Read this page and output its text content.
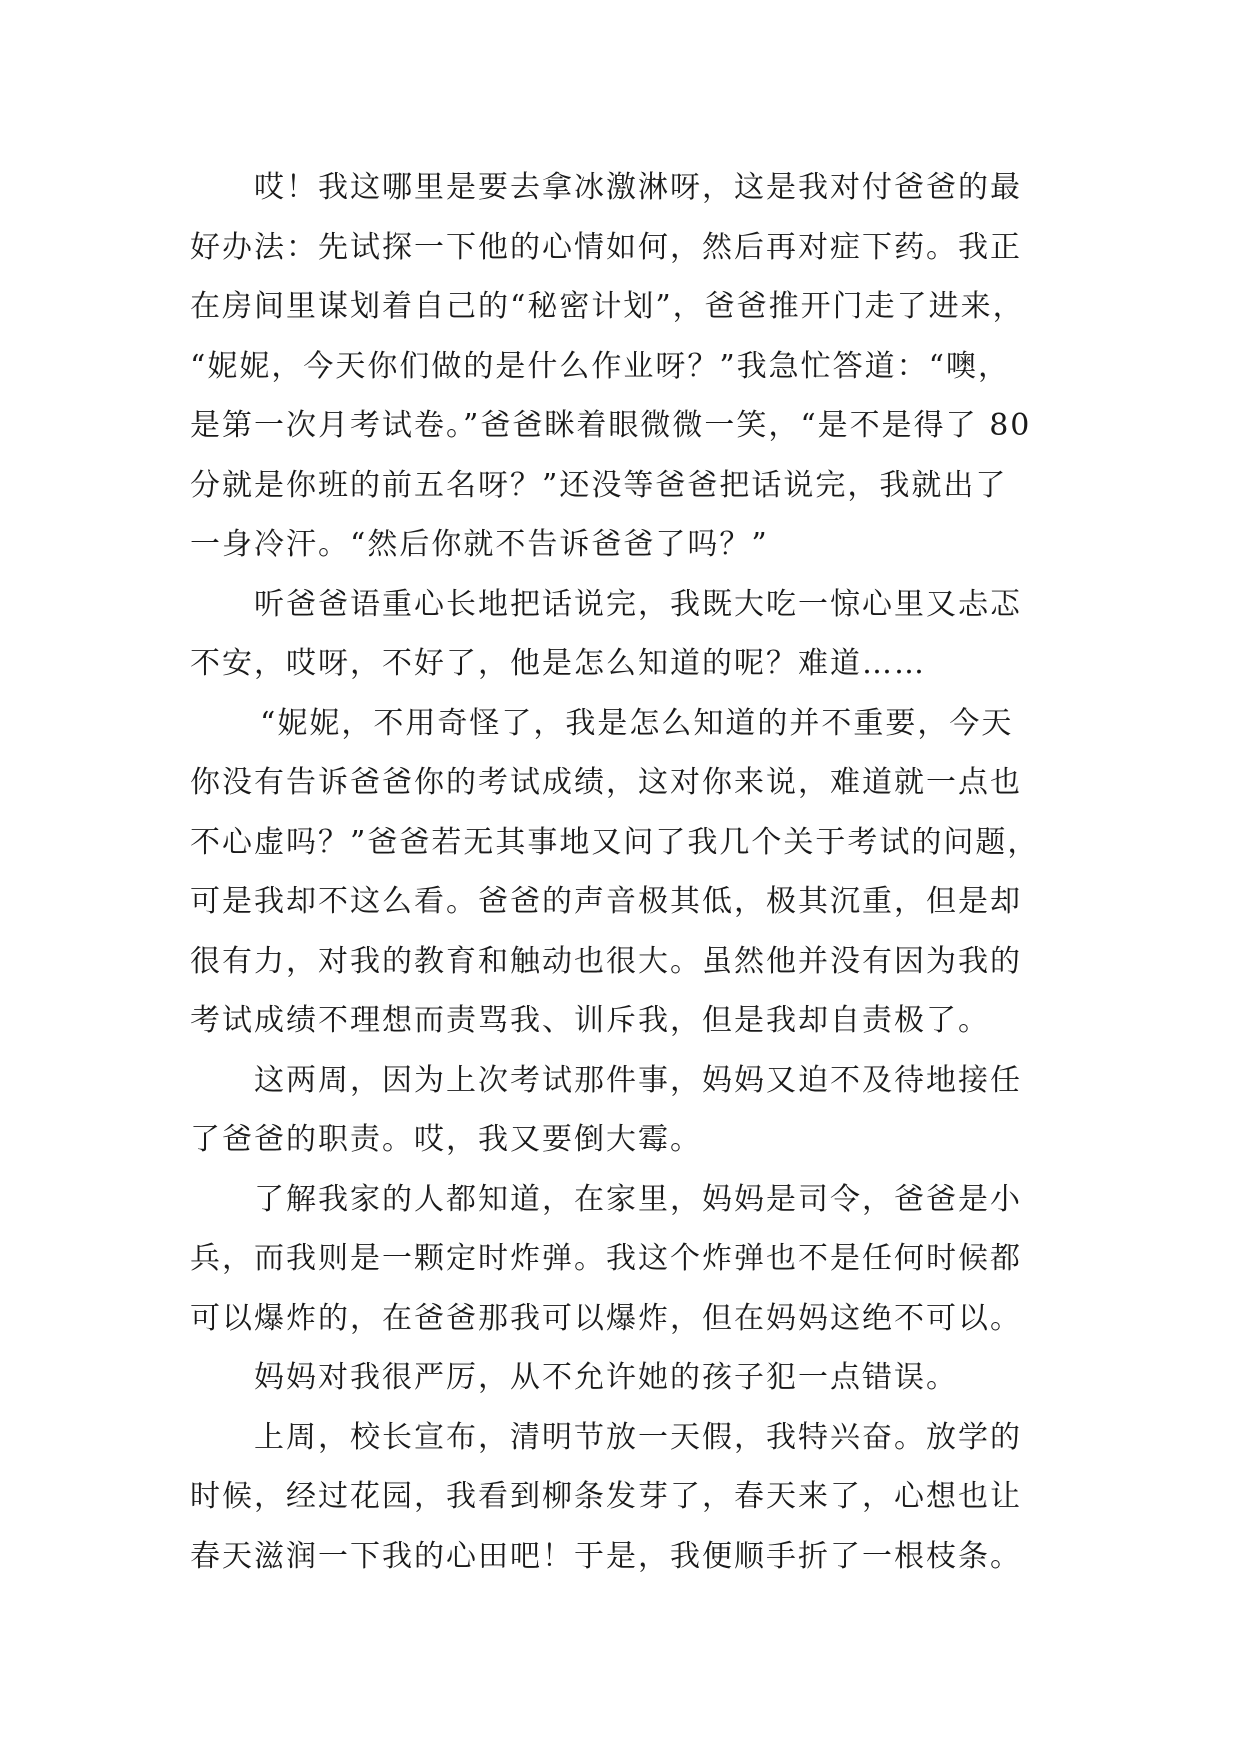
哎！我这哪里是要去拿冰激淋呀，这是我对付爸爸的最
好办法：先试探一下他的心情如何，然后再对症下药。我正
在房间里谋划着自己的“秘密计划”，爸爸推开门走了进来，
“妮妮，今天你们做的是什么作业呀？”我急忙答道：“噢，
是第一次月考试卷。”爸爸眯着眼微微一笑，“是不是得了 80
分就是你班的前五名呀？”还没等爸爸把话说完，我就出了
一身冷汗。“然后你就不告诉爸爸了吗？”
听爸爸语重心长地把话说完，我既大吃一惊心里又忐忑
不安，哎呀，不好了，他是怎么知道的呢？难道……
“妮妮，不用奇怪了，我是怎么知道的并不重要，今天
你没有告诉爸爸你的考试成绩，这对你来说，难道就一点也
不心虚吗？”爸爸若无其事地又问了我几个关于考试的问题，
可是我却不这么看。爸爸的声音极其低，极其沉重，但是却
很有力，对我的教育和触动也很大。虽然他并没有因为我的
考试成绩不理想而责骂我、训斥我，但是我却自责极了。
这两周，因为上次考试那件事，妈妈又迫不及待地接任
了爸爸的职责。哎，我又要倒大霉。
了解我家的人都知道，在家里，妈妈是司令，爸爸是小
兵，而我则是一颗定时炸弹。我这个炸弹也不是任何时候都
可以爆炸的，在爸爸那我可以爆炸，但在妈妈这绝不可以。
妈妈对我很严厉，从不允许她的孩子犯一点错误。
上周，校长宣布，清明节放一天假，我特兴奋。放学的
时候，经过花园，我看到柳条发芽了，春天来了，心想也让
春天滋润一下我的心田吧！于是，我便顺手折了一根枝条。
